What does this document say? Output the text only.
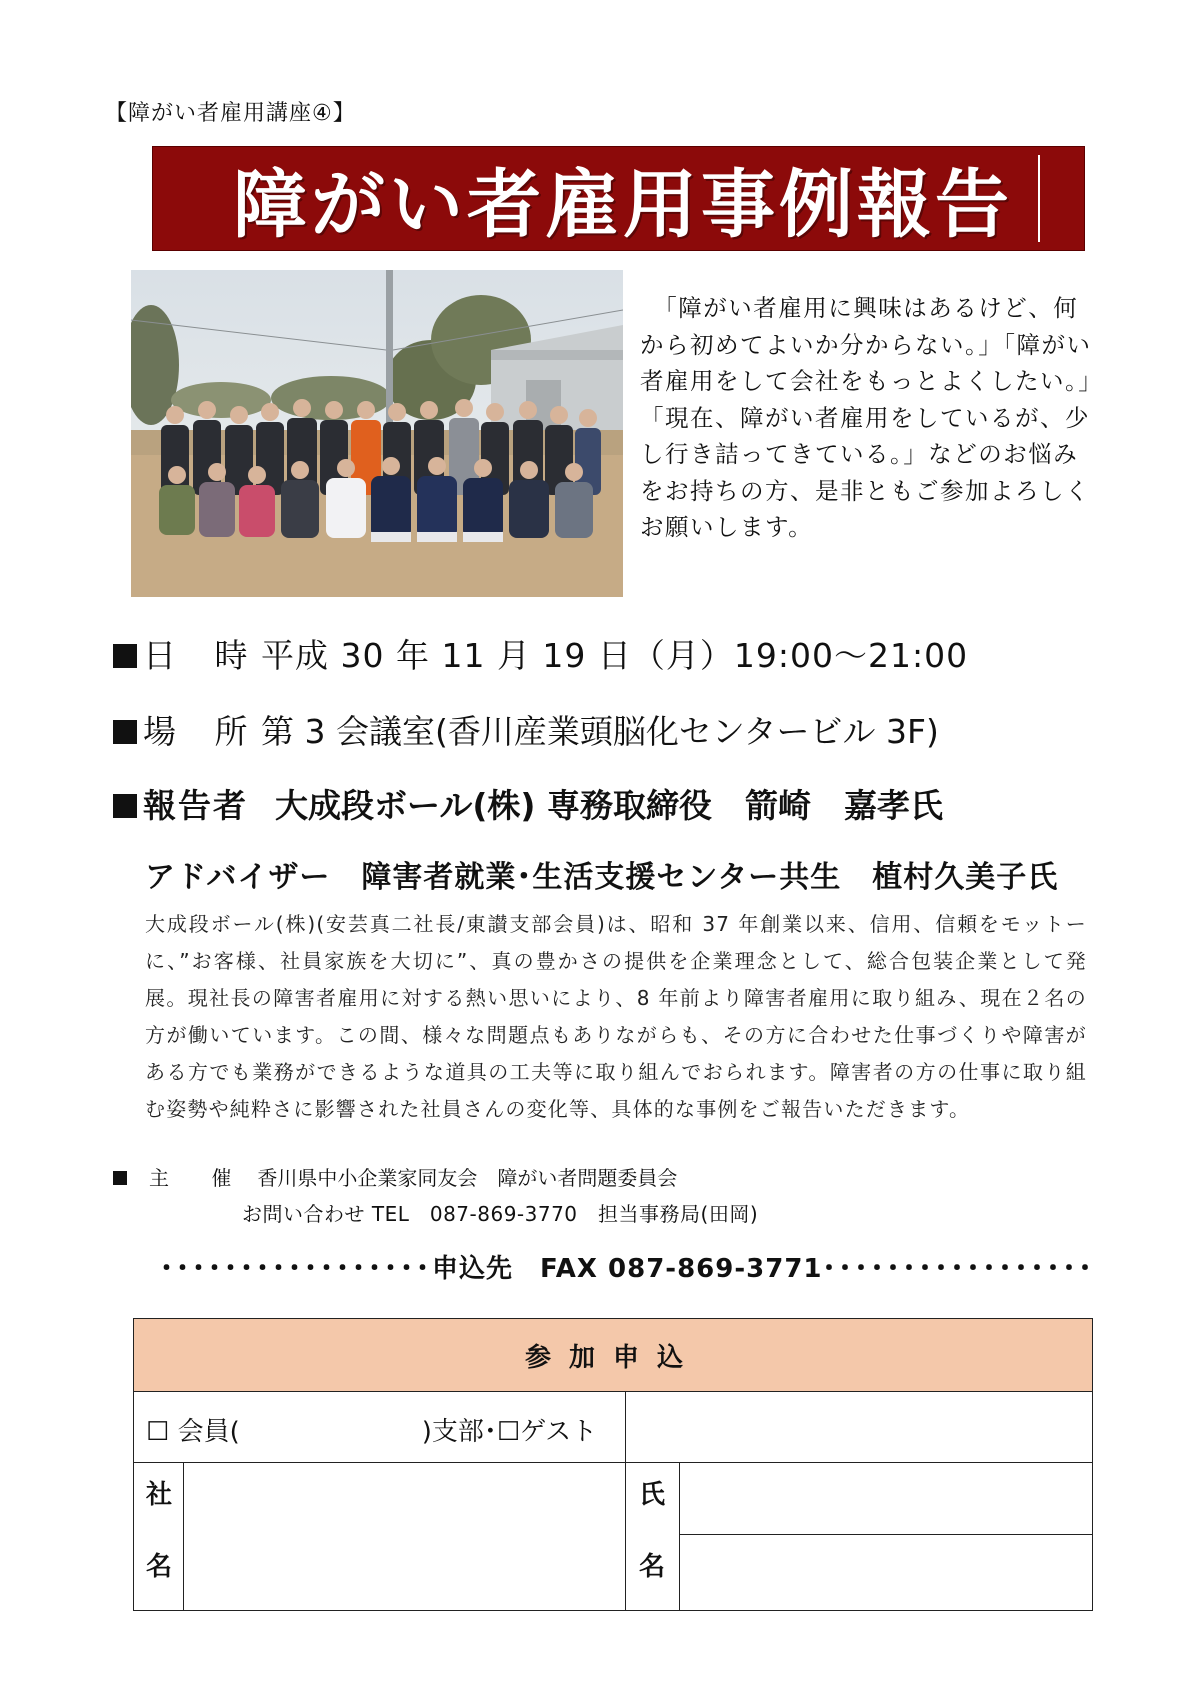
【障がい者雇用講座④】
障がい者雇用事例報告
　「障がい者雇用に興味はあるけど、何から初めてよいか分からない。」「障がい者雇用をして会社をもっとよくしたい。」「現在、障がい者雇用をしているが、少し行き詰ってきている。」などのお悩みをお持ちの方、是非ともご参加よろしくお願いします。
日 時平成 30 年 11 月 19 日（月）19:00～21:00
場 所第 3 会議室(香川産業頭脳化センタービル 3F)
報告者 大成段ボール(株) 専務取締役　箭崎　嘉孝氏
アドバイザー　障害者就業･生活支援センター共生　植村久美子氏
大成段ボール(株)(安芸真二社長/東讃支部会員)は、昭和 37 年創業以来、信用、信頼をモットーに、”お客様、社員家族を大切に”、真の豊かさの提供を企業理念として、総合包装企業として発展。現社長の障害者雇用に対する熱い思いにより、8 年前より障害者雇用に取り組み、現在２名の方が働いています。この間、様々な問題点もありながらも、その方に合わせた仕事づくりや障害がある方でも業務ができるような道具の工夫等に取り組んでおられます。障害者の方の仕事に取り組む姿勢や純粋さに影響された社員さんの変化等、具体的な事例をご報告いただきます。
主 催 香川県中小企業家同友会　障がい者問題委員会
お問い合わせ TEL　087-869-3770　担当事務局(田岡)
･････････････････申込先　FAX 087-869-3771･････････････････
参加申込
☐ 会員(　　　　　　　)支部･☐ゲスト
社
名
氏
名
